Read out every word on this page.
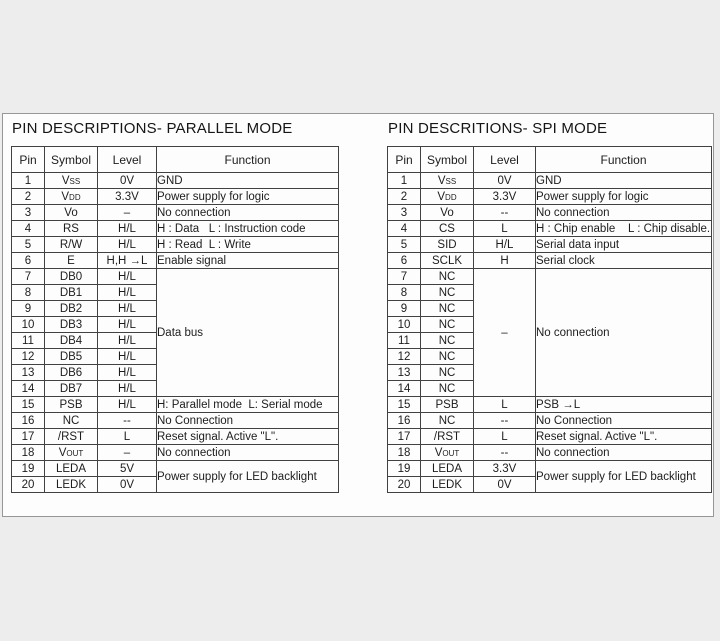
PIN DESCRIPTIONS- PARALLEL MODE
Pin	Symbol	Level	Function
1	VSS	0V	GND
2	VDD	3.3V	Power supply for logic
3	Vo	–	No connection
4	RS	H/L	H : Data   L : Instruction code
5	R/W	H/L	H : Read  L : Write
6	E	H,H →L	Enable signal
7	DB0	H/L	Data bus
8	DB1	H/L	
9	DB2	H/L	
10	DB3	H/L	
11	DB4	H/L	
12	DB5	H/L	
13	DB6	H/L	
14	DB7	H/L	
15	PSB	H/L	H: Parallel mode  L: Serial mode
16	NC	--	No Connection
17	/RST	L	Reset signal. Active "L".
18	VOUT	–	No connection
19	LEDA	5V	Power supply for LED backlight
20	LEDK	0V	
PIN DESCRITIONS- SPI MODE
Pin	Symbol	Level	Function
1	VSS	0V	GND
2	VDD	3.3V	Power supply for logic
3	Vo	--	No connection
4	CS	L	H : Chip enable    L : Chip disable.
5	SID	H/L	Serial data input
6	SCLK	H	Serial clock
7	NC	–	No connection
8	NC		
9	NC		
10	NC		
11	NC		
12	NC		
13	NC		
14	NC		
15	PSB	L	PSB →L
16	NC	--	No Connection
17	/RST	L	Reset signal. Active "L".
18	VOUT	--	No connection
19	LEDA	3.3V	Power supply for LED backlight
20	LEDK	0V	
